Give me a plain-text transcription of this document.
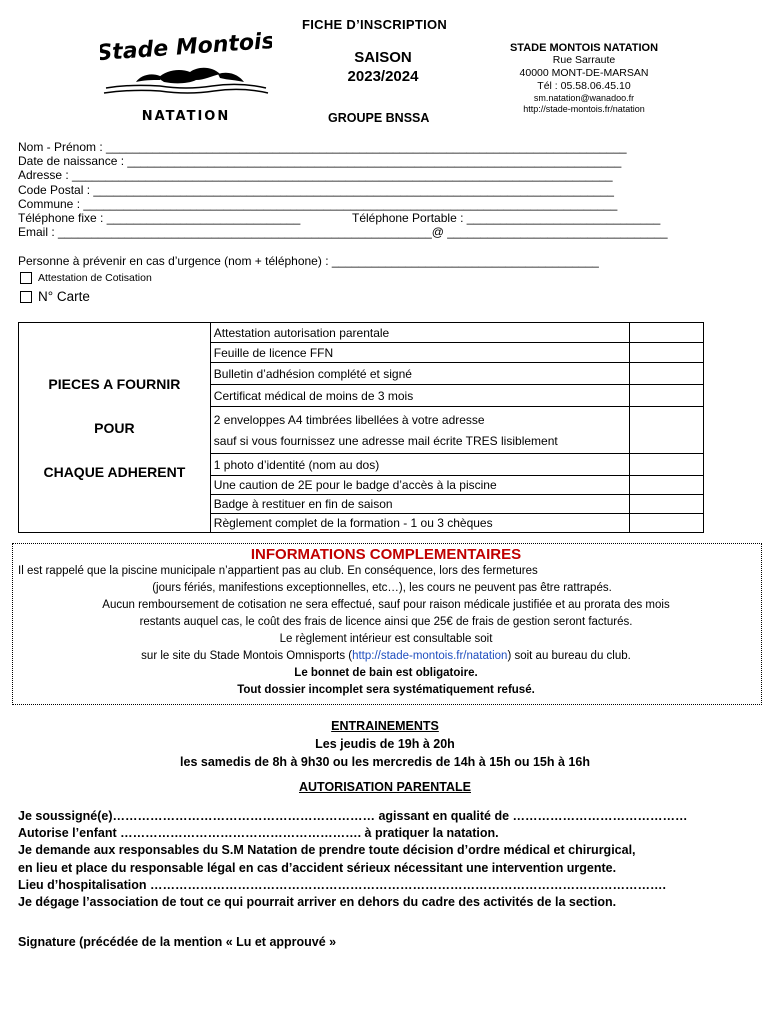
FICHE D’INSCRIPTION
Stade Montois
NATATION
SAISON
2023/2024
GROUPE BNSSA
STADE MONTOIS NATATION
Rue Sarraute
40000 MONT-DE-MARSAN
Tél : 05.58.06.45.10
sm.natation@wanadoo.fr
http://stade-montois.fr/natation
Nom - Prénom : ______________________________________________________________________________
Date de naissance : __________________________________________________________________________
Adresse : _________________________________________________________________________________
Code Postal : ______________________________________________________________________________
Commune : ________________________________________________________________________________
Téléphone fixe : _____________________________	Téléphone Portable : _____________________________
Email : ________________________________________________________@ _________________________________
Personne à prévenir en cas d’urgence (nom + téléphone) : ________________________________________
Attestation de Cotisation
N° Carte
PIECES A FOURNIR
POUR
CHAQUE ADHERENT	Attestation autorisation parentale	
	Feuille de licence FFN	
	Bulletin d’adhésion complété et signé	
	Certificat médical de moins de 3 mois	

	2 enveloppes A4 timbrées libellées à votre adresse
sauf si vous fournissez une adresse mail écrite TRES lisiblement	

	1 photo d’identité (nom au dos)	
	Une caution de 2E pour le badge d’accès à la piscine	
	Badge à restituer en fin de saison	
	Règlement complet de la formation - 1 ou 3 chèques	
INFORMATIONS COMPLEMENTAIRES
Il est rappelé que la piscine municipale n’appartient pas au club. En conséquence, lors des fermetures
(jours fériés, manifestions exceptionnelles, etc…), les cours ne peuvent pas être rattrapés.
Aucun remboursement de cotisation ne sera effectué, sauf pour raison médicale justifiée et au prorata des mois
restants auquel cas, le coût des frais de licence ainsi que 25€ de frais de gestion seront facturés.
Le règlement intérieur est consultable soit
sur le site du Stade Montois Omnisports (http://stade-montois.fr/natation) soit au bureau du club.
Le bonnet de bain est obligatoire.
Tout dossier incomplet sera systématiquement refusé.
ENTRAINEMENTS
Les jeudis de 19h à 20h
les samedis de 8h à 9h30 ou les mercredis de 14h à 15h ou 15h à 16h
AUTORISATION PARENTALE
Je soussigné(e)……………………………………………………… agissant en qualité de ……………………………………
Autorise l’enfant …………………………………………………. à pratiquer la natation.
Je demande aux responsables du S.M Natation de prendre toute décision d’ordre médical et chirurgical,
en lieu et place du responsable légal en cas d’accident sérieux nécessitant une intervention urgente.
Lieu d’hospitalisation …………………………………………………………………………………………………………….
Je dégage l’association de tout ce qui pourrait arriver en dehors du cadre des activités de la section.
Signature (précédée de la mention « Lu et approuvé »
